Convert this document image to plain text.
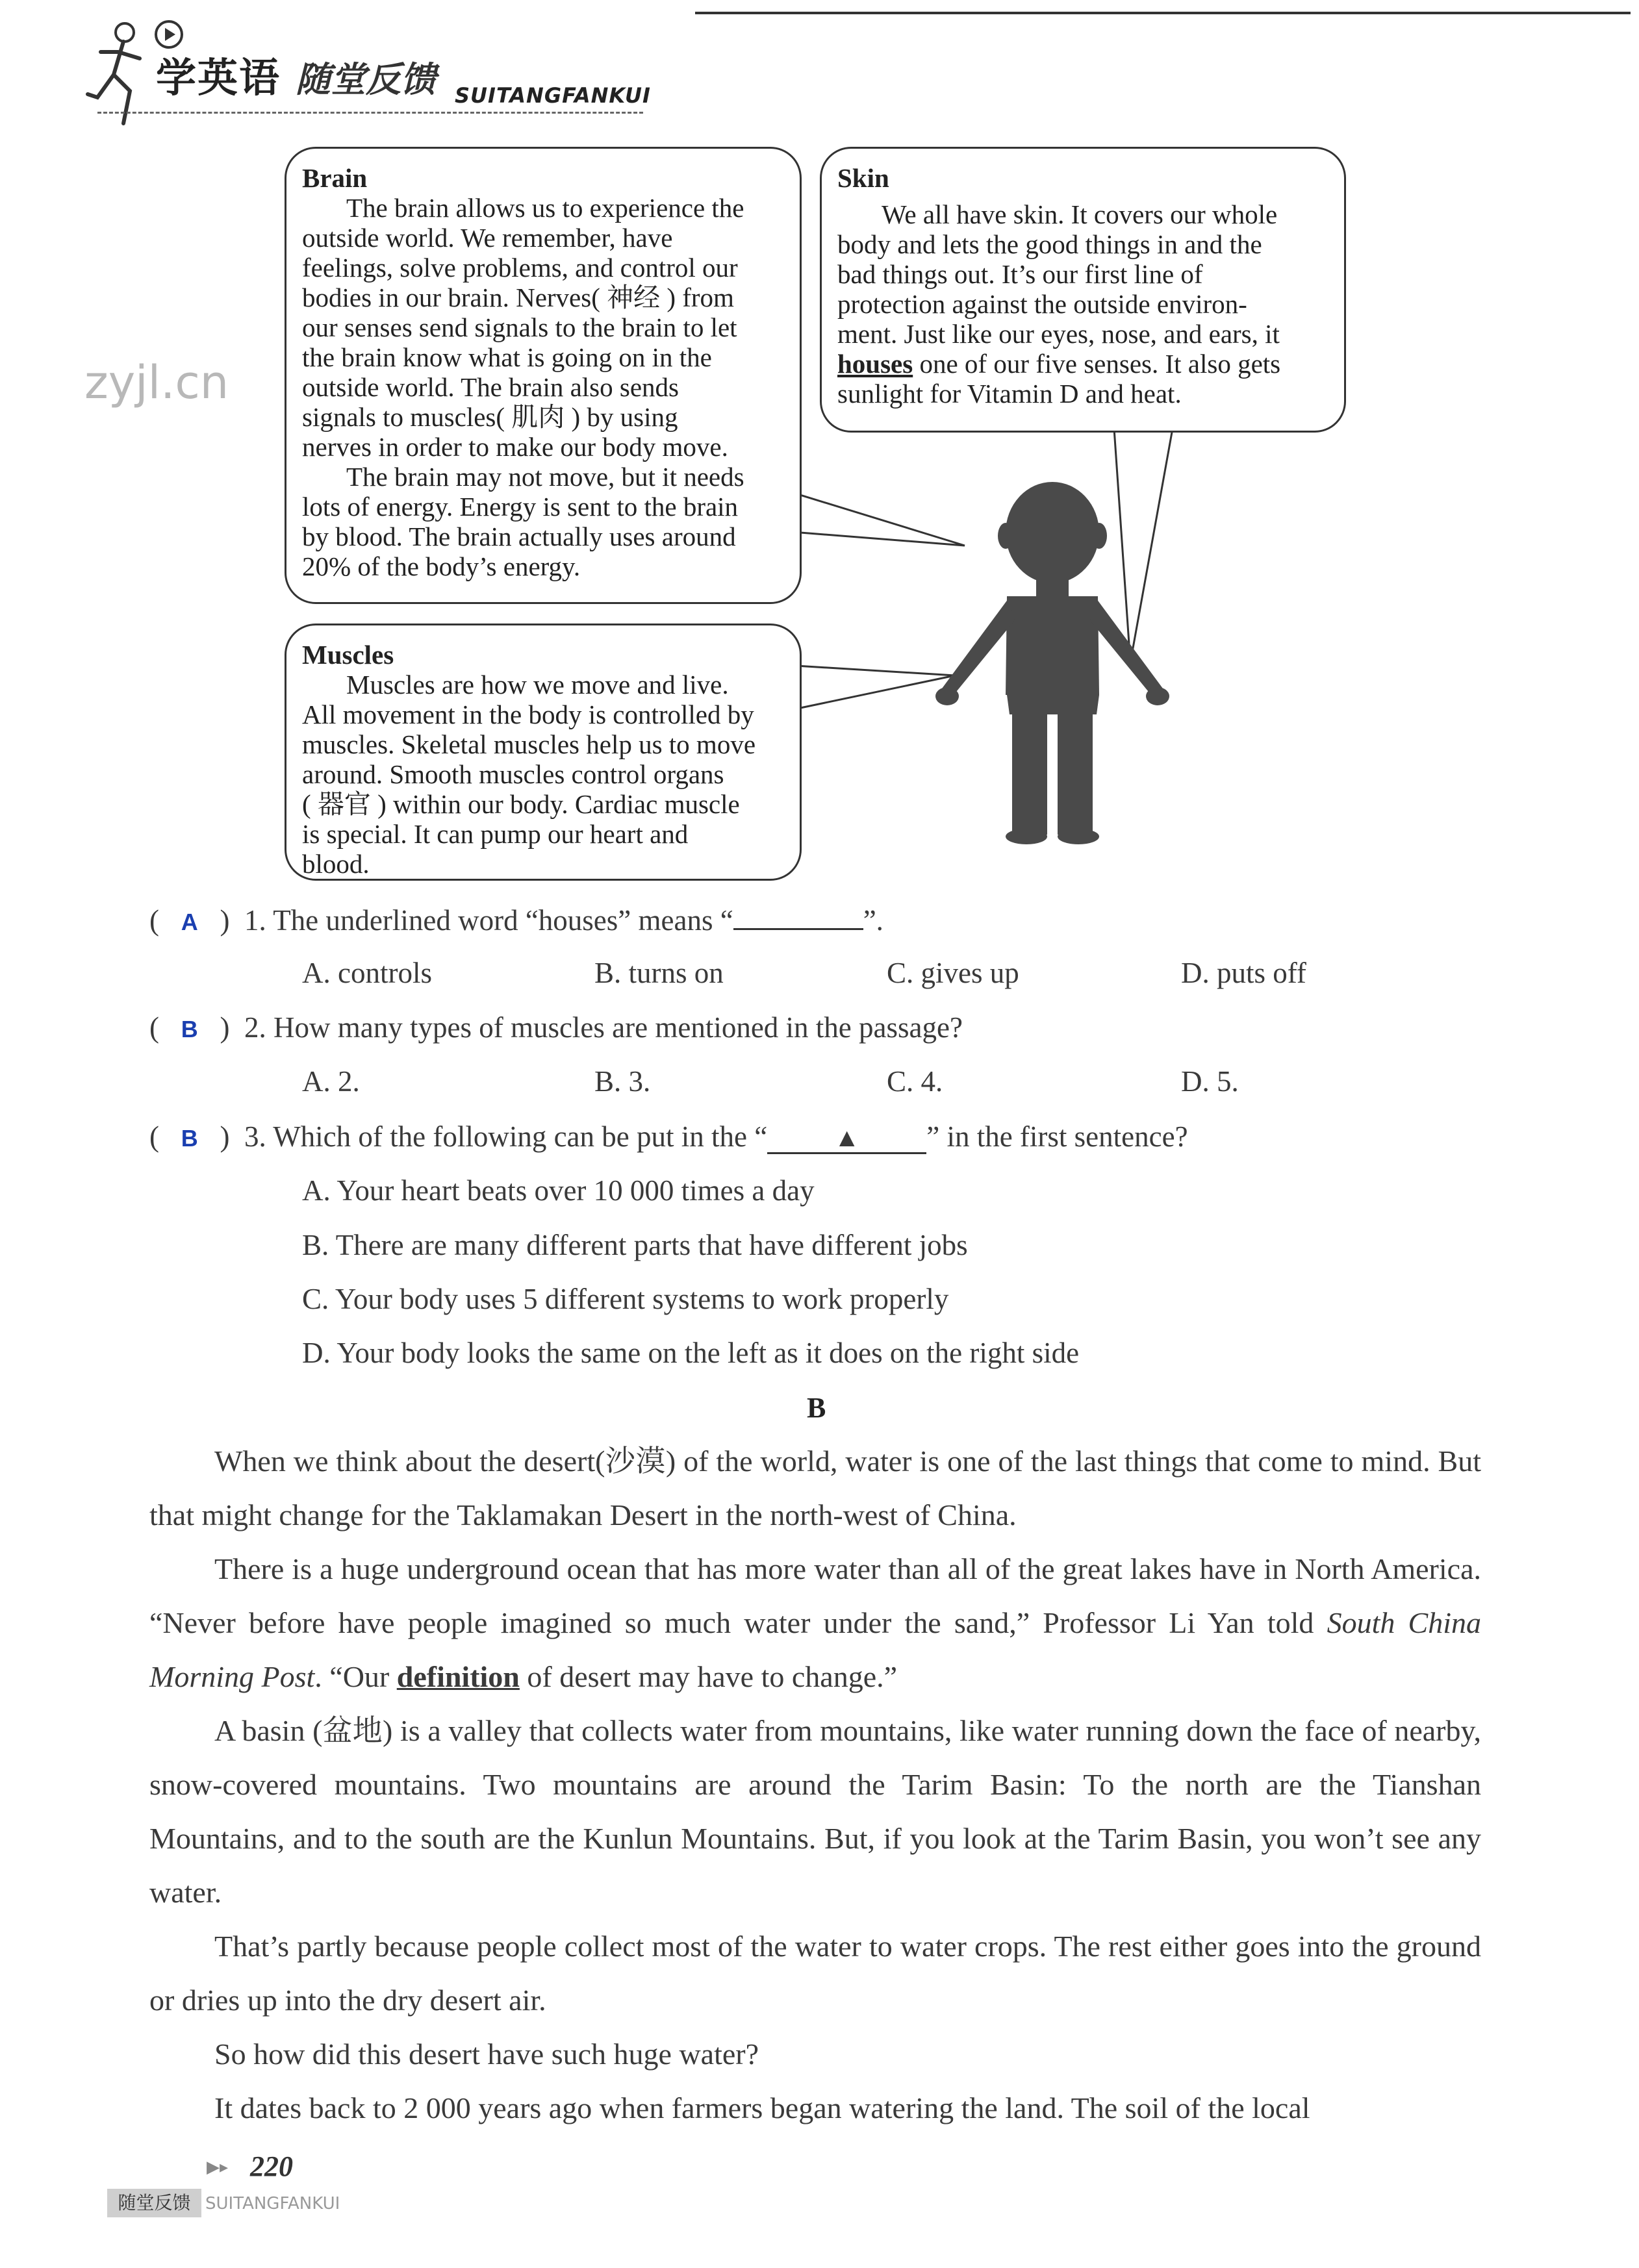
学英语 随堂反馈 SUITANGFANKUI
zyjl.cn
Brain

The brain allows us to experience the
outside world. We remember, have
feelings, solve problems, and control our
bodies in our brain. Nerves( 神经 ) from
our senses send signals to the brain to let
the brain know what is going on in the
outside world. The brain also sends
signals to muscles( 肌肉 ) by using
nerves in order to make our body move.

The brain may not move, but it needs
lots of energy. Energy is sent to the brain
by blood. The brain actually uses around
20% of the body’s energy.

Skin

We all have skin. It covers our whole
body and lets the good things in and the
bad things out. It’s our first line of
protection against the outside environ-
ment. Just like our eyes, nose, and ears, it
houses one of our five senses. It also gets
sunlight for Vitamin D and heat.

Muscles

Muscles are how we move and live.
All movement in the body is controlled by
muscles. Skeletal muscles help us to move
around. Smooth muscles control organs
( 器官 ) within our body. Cardiac muscle
is special. It can pump our heart and
blood.

(   A   )  1. The underlined word “houses” means “	”.
A. controls	B. turns on	C. gives up	D. puts off
(   B   )  2. How many types of muscles are mentioned in the passage?
A. 2.	B. 3.	C. 4.	D. 5.
(   B   )  3. Which of the following can be put in the “	▲ ” in the first sentence?
A. Your heart beats over 10 000 times a day
B. There are many different parts that have different jobs
C. Your body uses 5 different systems to work properly
D. Your body looks the same on the left as it does on the right side
B

When we think about the desert(沙漠) of the world, water is one of the last things that come to mind. But that might change for the Taklamakan Desert in the north-west of China.

There is a huge underground ocean that has more water than all of the great lakes have in North America. “Never before have people imagined so much water under the sand,” Professor Li Yan told South China Morning Post. “Our definition of desert may have to change.”

A basin (盆地) is a valley that collects water from mountains, like water running down the face of nearby, snow-covered mountains. Two mountains are around the Tarim Basin: To the north are the Tianshan Mountains, and to the south are the Kunlun Mountains. But, if you look at the Tarim Basin, you won’t see any water.

That’s partly because people collect most of the water to water crops. The rest either goes into the ground or dries up into the dry desert air.

So how did this desert have such huge water?

It dates back to 2 000 years ago when farmers began watering the land. The soil of the local

▶▸ 220
随堂反馈 SUITANGFANKUI
